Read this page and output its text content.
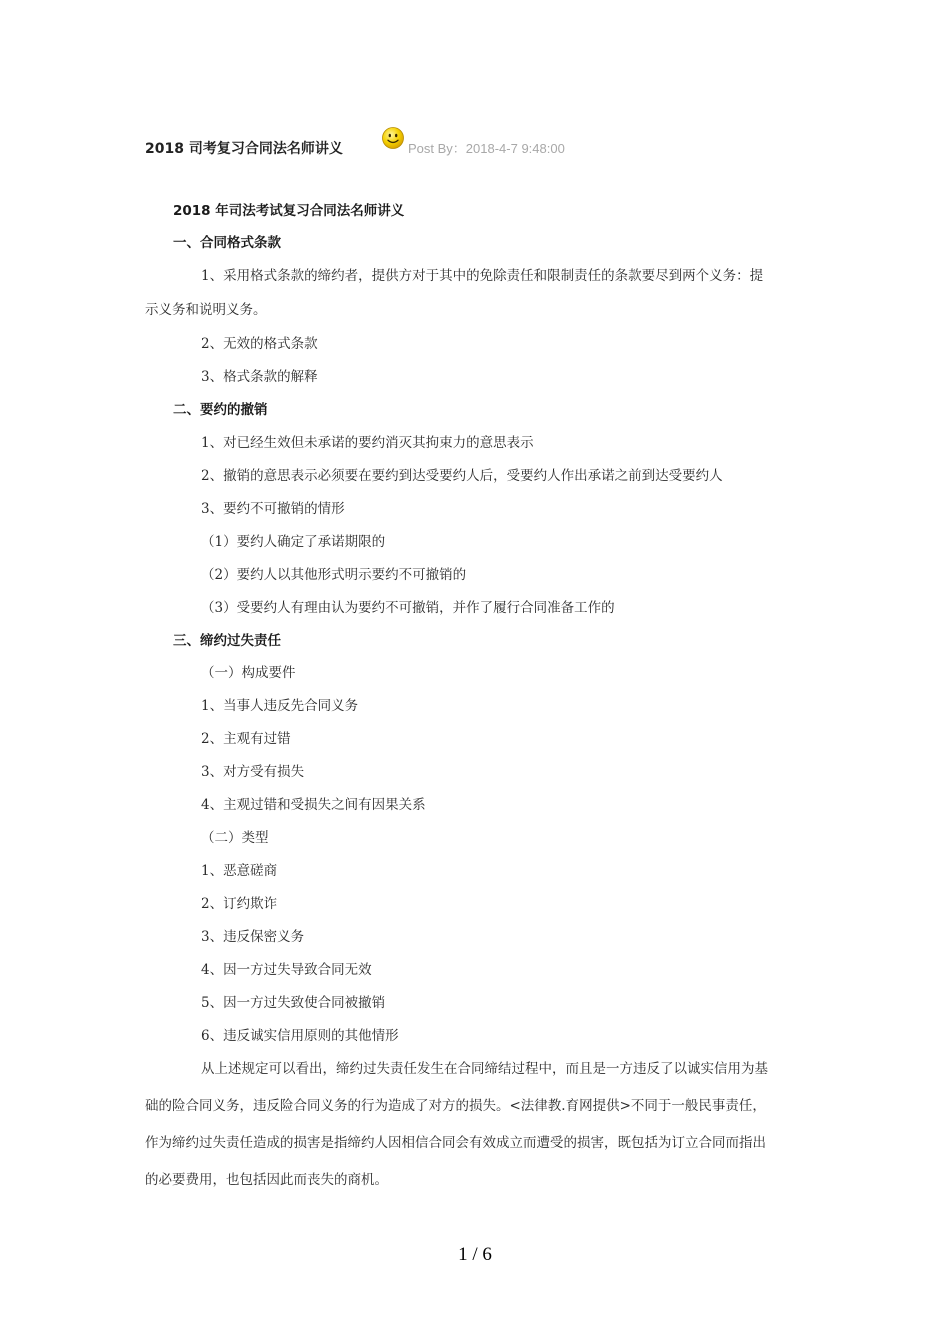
2018 司考复习合同法名师讲义	Post By：2018-4-7 9:48:00
2018 年司法考试复习合同法名师讲义
一、合同格式条款
1、采用格式条款的缔约者，提供方对于其中的免除责任和限制责任的条款要尽到两个义务：提
示义务和说明义务。
2、无效的格式条款
3、格式条款的解释
二、要约的撤销
1、对已经生效但未承诺的要约消灭其拘束力的意思表示
2、撤销的意思表示必须要在要约到达受要约人后，受要约人作出承诺之前到达受要约人
3、要约不可撤销的情形
（1）要约人确定了承诺期限的
（2）要约人以其他形式明示要约不可撤销的
（3）受要约人有理由认为要约不可撤销，并作了履行合同准备工作的
三、缔约过失责任
（一）构成要件
1、当事人违反先合同义务
2、主观有过错
3、对方受有损失
4、主观过错和受损失之间有因果关系
（二）类型
1、恶意磋商
2、订约欺诈
3、违反保密义务
4、因一方过失导致合同无效
5、因一方过失致使合同被撤销
6、违反诚实信用原则的其他情形
从上述规定可以看出，缔约过失责任发生在合同缔结过程中，而且是一方违反了以诚实信用为基
础的险合同义务，违反险合同义务的行为造成了对方的损失。<法律教.育网提供>不同于一般民事责任，
作为缔约过失责任造成的损害是指缔约人因相信合同会有效成立而遭受的损害，既包括为订立合同而指出
的必要费用，也包括因此而丧失的商机。
1 / 6
